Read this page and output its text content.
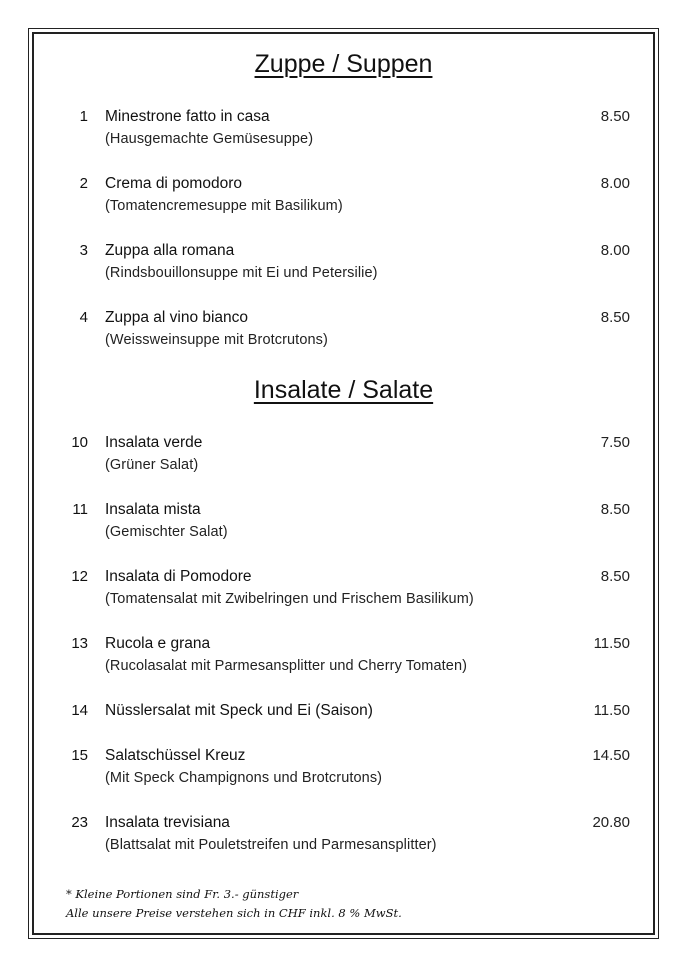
Zuppe / Suppen
1 Minestrone fatto in casa
(Hausgemachte Gemüsesuppe)
8.50
2 Crema di pomodoro
(Tomatencremesuppe mit Basilikum)
8.00
3 Zuppa alla romana
(Rindsbouillonsuppe mit Ei und Petersilie)
8.00
4 Zuppa al vino bianco
(Weissweinsuppe mit Brotcrutons)
8.50
Insalate / Salate
10 Insalata verde
(Grüner Salat)
7.50
11 Insalata mista
(Gemischter Salat)
8.50
12 Insalata di Pomodore
(Tomatensalat mit Zwibelringen und Frischem Basilikum)
8.50
13 Rucola e grana
(Rucolasalat mit Parmesansplitter und Cherry Tomaten)
11.50
14 Nüsslersalat mit Speck und Ei (Saison)	11.50
15 Salatschüssel Kreuz
(Mit Speck Champignons und Brotcrutons)
14.50
23 Insalata trevisiana
(Blattsalat mit Pouletstreifen und Parmesansplitter)
20.80
* Kleine Portionen sind Fr. 3.- günstiger
Alle unsere Preise verstehen sich in CHF inkl. 8 % MwSt.
